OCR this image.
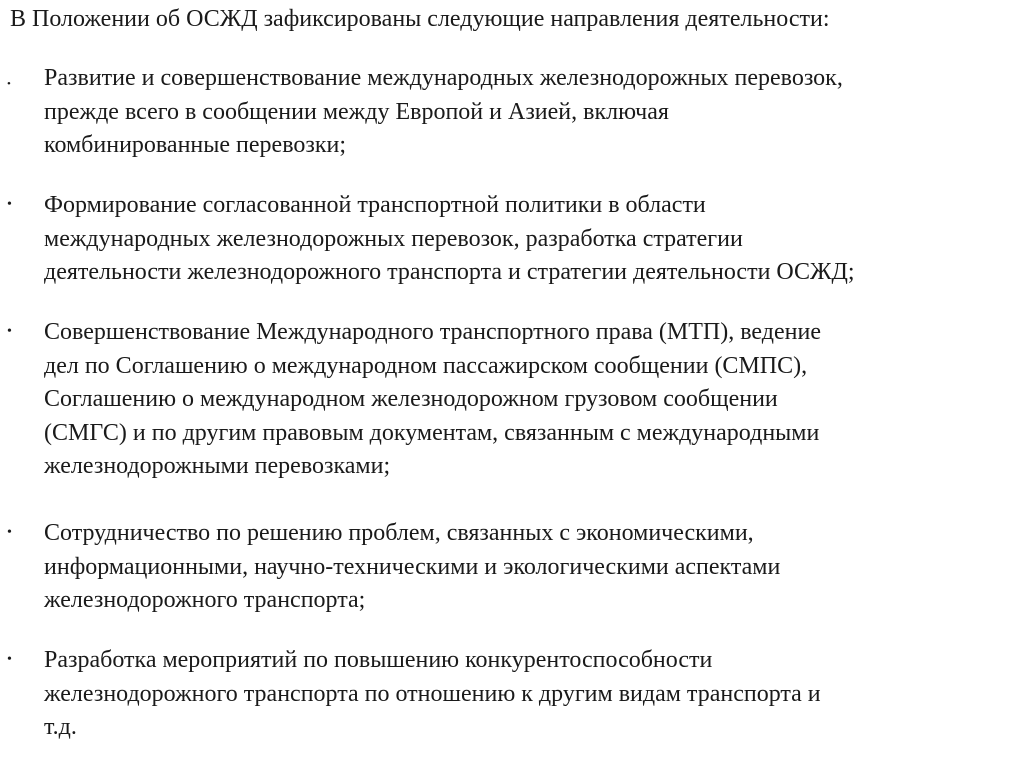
В Положении об ОСЖД зафиксированы следующие направления деятельности:

• Развитие и совершенствование международных железнодорожных перевозок,
прежде всего в сообщении между Европой и Азией, включая
комбинированные перевозки;

• Формирование согласованной транспортной политики в области
международных железнодорожных перевозок, разработка стратегии
деятельности железнодорожного транспорта и стратегии деятельности ОСЖД;

• Совершенствование Международного транспортного права (МТП), ведение
дел по Соглашению о международном пассажирском сообщении (СМПС),
Соглашению о международном железнодорожном грузовом сообщении
(СМГС) и по другим правовым документам, связанным с международными
железнодорожными перевозками;

• Сотрудничество по решению проблем, связанных с экономическими,
информационными, научно-техническими и экологическими аспектами
железнодорожного транспорта;

• Разработка мероприятий по повышению конкурентоспособности
железнодорожного транспорта по отношению к другим видам транспорта и
т.д.
